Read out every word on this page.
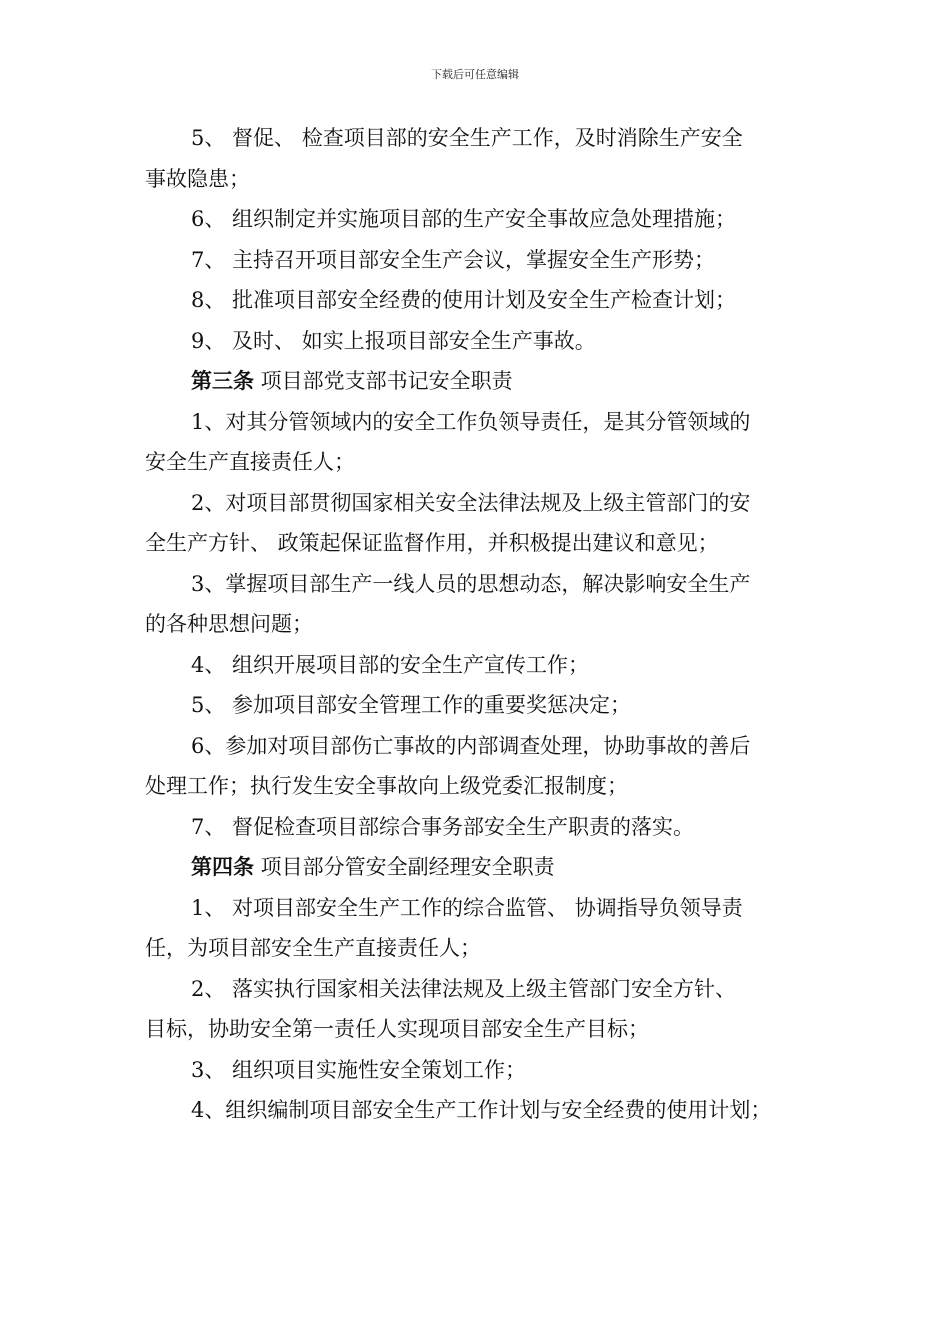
下载后可任意编辑

5、 督促、 检查项目部的安全生产工作，及时消除生产安全

事故隐患；

6、 组织制定并实施项目部的生产安全事故应急处理措施；

7、 主持召开项目部安全生产会议，掌握安全生产形势；

8、 批准项目部安全经费的使用计划及安全生产检查计划；

9、 及时、 如实上报项目部安全生产事故。

第三条 项目部党支部书记安全职责

1、对其分管领域内的安全工作负领导责任，是其分管领域的

安全生产直接责任人；

2、对项目部贯彻国家相关安全法律法规及上级主管部门的安

全生产方针、 政策起保证监督作用，并积极提出建议和意见；

3、掌握项目部生产一线人员的思想动态，解决影响安全生产

的各种思想问题；

4、 组织开展项目部的安全生产宣传工作；

5、 参加项目部安全管理工作的重要奖惩决定；

6、参加对项目部伤亡事故的内部调查处理，协助事故的善后

处理工作；执行发生安全事故向上级党委汇报制度；

7、 督促检查项目部综合事务部安全生产职责的落实。

第四条 项目部分管安全副经理安全职责

1、 对项目部安全生产工作的综合监管、 协调指导负领导责

任，为项目部安全生产直接责任人；

2、 落实执行国家相关法律法规及上级主管部门安全方针、

目标，协助安全第一责任人实现项目部安全生产目标；

3、 组织项目实施性安全策划工作；

4、组织编制项目部安全生产工作计划与安全经费的使用计划；
